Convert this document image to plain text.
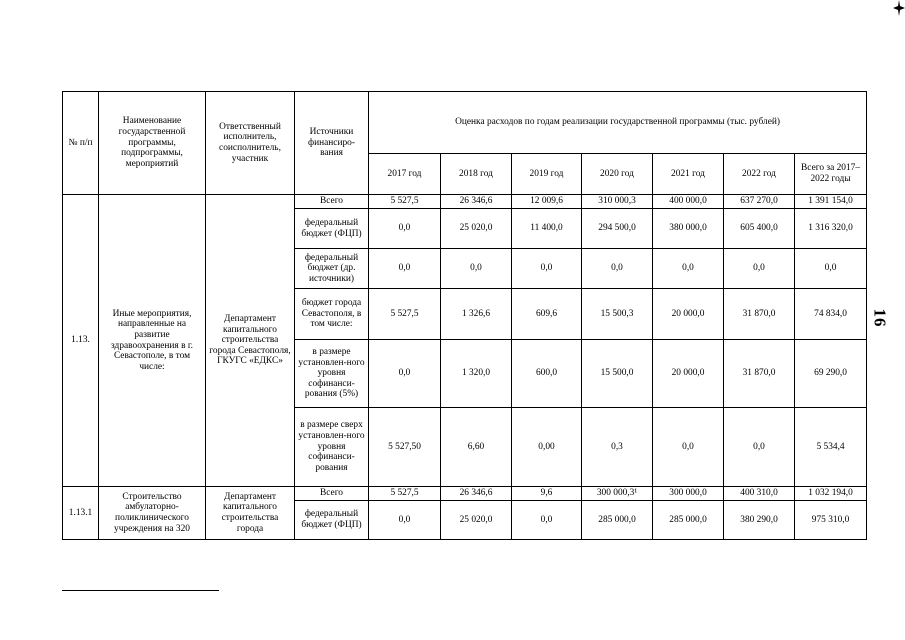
16
№ п/п	Наименование государственной программы, подпрограммы, мероприятий	Ответственный исполнитель, соисполнитель, участник	Источники финансиро-вания	Оценка расходов по годам реализации государственной программы (тыс. рублей)						
				2017 год	2018 год	2019 год	2020 год	2021 год	2022 год	Всего за 2017–2022 годы
1.13.	Иные мероприятия, направленные на развитие здравоохранения в г. Севастополе, в том числе:	Департамент капитального строительства города Севастополя, ГКУГС «ЕДКС»	Всего	5 527,5	26 346,6	12 009,6	310 000,3	400 000,0	637 270,0	1 391 154,0
			федеральный бюджет (ФЦП)	0,0	25 020,0	11 400,0	294 500,0	380 000,0	605 400,0	1 316 320,0
			федеральный бюджет (др. источники)	0,0	0,0	0,0	0,0	0,0	0,0	0,0
			бюджет города Севастополя, в том числе:	5 527,5	1 326,6	609,6	15 500,3	20 000,0	31 870,0	74 834,0
			в размере установлен-ного уровня софинанси-рования (5%)	0,0	1 320,0	600,0	15 500,0	20 000,0	31 870,0	69 290,0
			в размере сверх установлен-ного уровня софинанси-рования	5 527,50	6,60	0,00	0,3	0,0	0,0	5 534,4
1.13.1	Строительство амбулаторно-поликлинического учреждения на 320	Департамент капитального строительства города	Всего	5 527,5	26 346,6	9,6	300 000,3¹	300 000,0	400 310,0	1 032 194,0
			федеральный бюджет (ФЦП)	0,0	25 020,0	0,0	285 000,0	285 000,0	380 290,0	975 310,0
